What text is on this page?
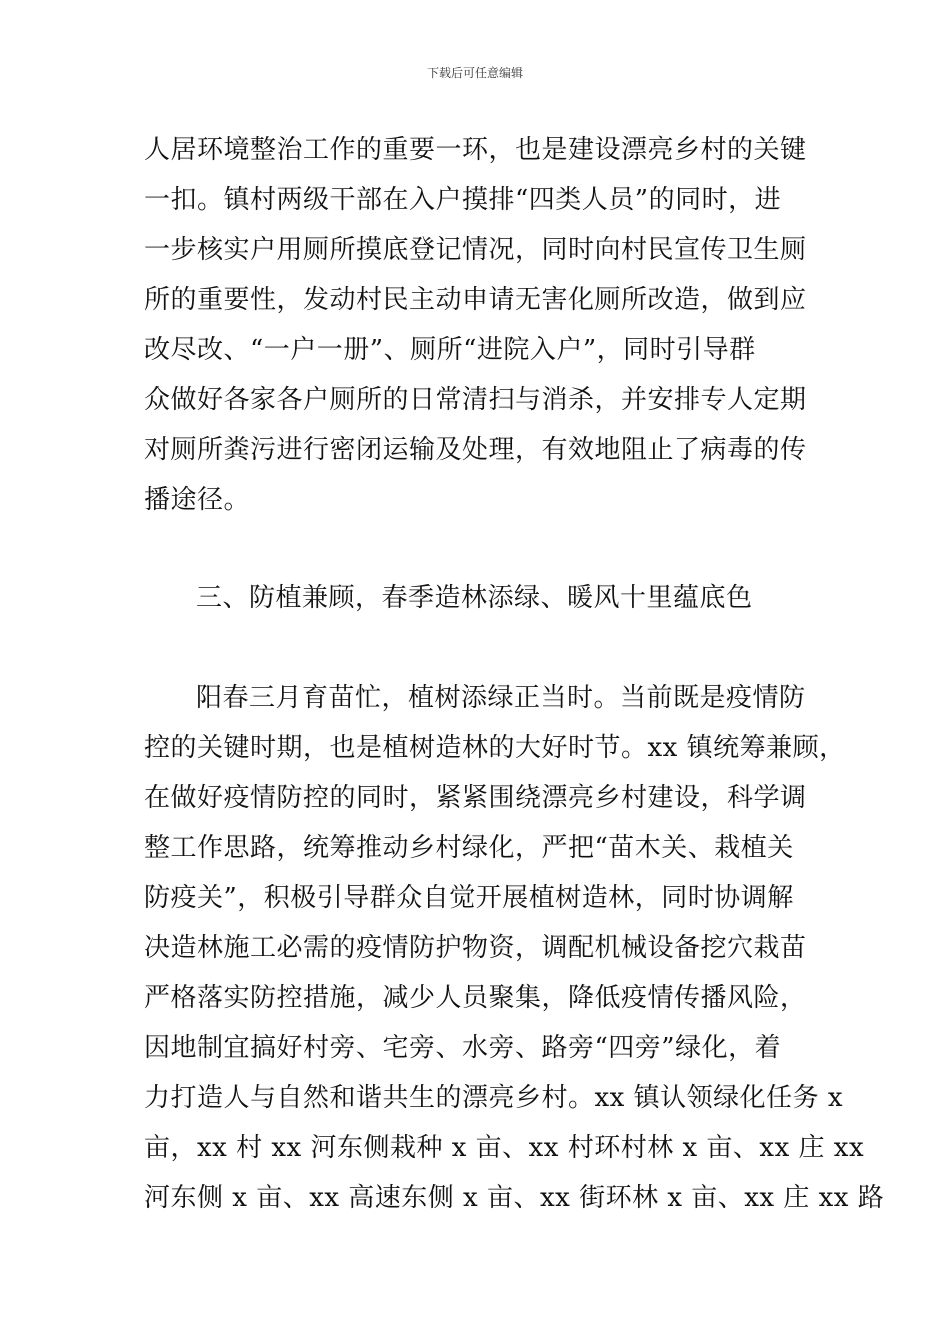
下载后可任意编辑
人居环境整治工作的重要一环，也是建设漂亮乡村的关键
一扣。镇村两级干部在入户摸排“四类人员”的同时，进
一步核实户用厕所摸底登记情况，同时向村民宣传卫生厕
所的重要性，发动村民主动申请无害化厕所改造，做到应
改尽改、“一户一册”、厕所“进院入户”，同时引导群
众做好各家各户厕所的日常清扫与消杀，并安排专人定期
对厕所粪污进行密闭运输及处理，有效地阻止了病毒的传
播途径。
三、防植兼顾，春季造林添绿、暖风十里蕴底色
阳春三月育苗忙，植树添绿正当时。当前既是疫情防
控的关键时期，也是植树造林的大好时节。xx 镇统筹兼顾，
在做好疫情防控的同时，紧紧围绕漂亮乡村建设，科学调
整工作思路，统筹推动乡村绿化，严把“苗木关、栽植关
防疫关”，积极引导群众自觉开展植树造林，同时协调解
决造林施工必需的疫情防护物资，调配机械设备挖穴栽苗
严格落实防控措施，减少人员聚集，降低疫情传播风险，
因地制宜搞好村旁、宅旁、水旁、路旁“四旁”绿化，着
力打造人与自然和谐共生的漂亮乡村。xx 镇认领绿化任务 x
亩，xx 村 xx 河东侧栽种 x 亩、xx 村环村林 x 亩、xx 庄 xx
河东侧 x 亩、xx 高速东侧 x 亩、xx 街环林 x 亩、xx 庄 xx 路
